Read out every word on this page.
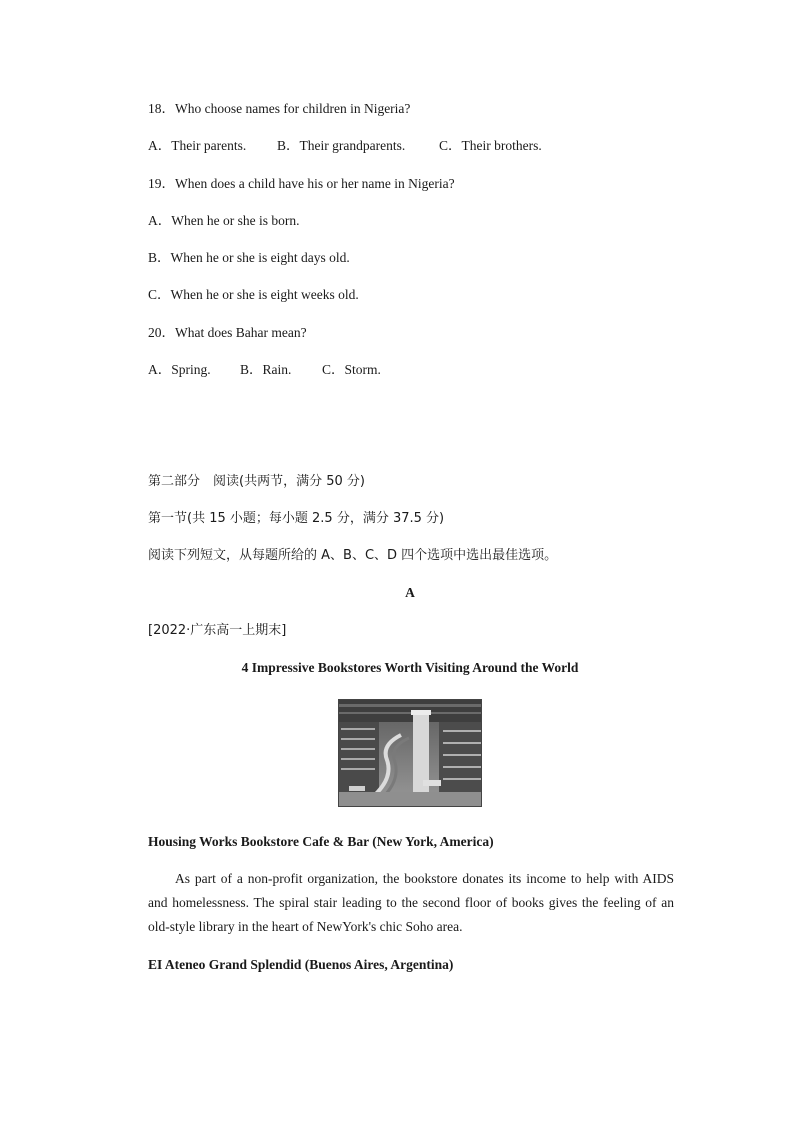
18．Who choose names for children in Nigeria?
A．Their parents. B．Their grandparents.	C．Their brothers.
19．When does a child have his or her name in Nigeria?
A．When he or she is born.
B．When he or she is eight days old.
C．When he or she is eight weeks old.
20．What does Bahar mean?
A．Spring. B．Rain. C．Storm.
第二部分　阅读(共两节，满分 50 分)
第一节(共 15 小题；每小题 2.5 分，满分 37.5 分)
阅读下列短文，从每题所给的 A、B、C、D 四个选项中选出最佳选项。
A
[2022·广东高一上期末]
4 Impressive Bookstores Worth Visiting Around the World
Housing Works Bookstore Cafe & Bar (New York, America)
As part of a non-profit organization, the bookstore donates its income to help with AIDS and homelessness. The spiral stair leading to the second floor of books gives the feeling of an old-style library in the heart of NewYork's chic Soho area.
EI Ateneo Grand Splendid (Buenos Aires, Argentina)
